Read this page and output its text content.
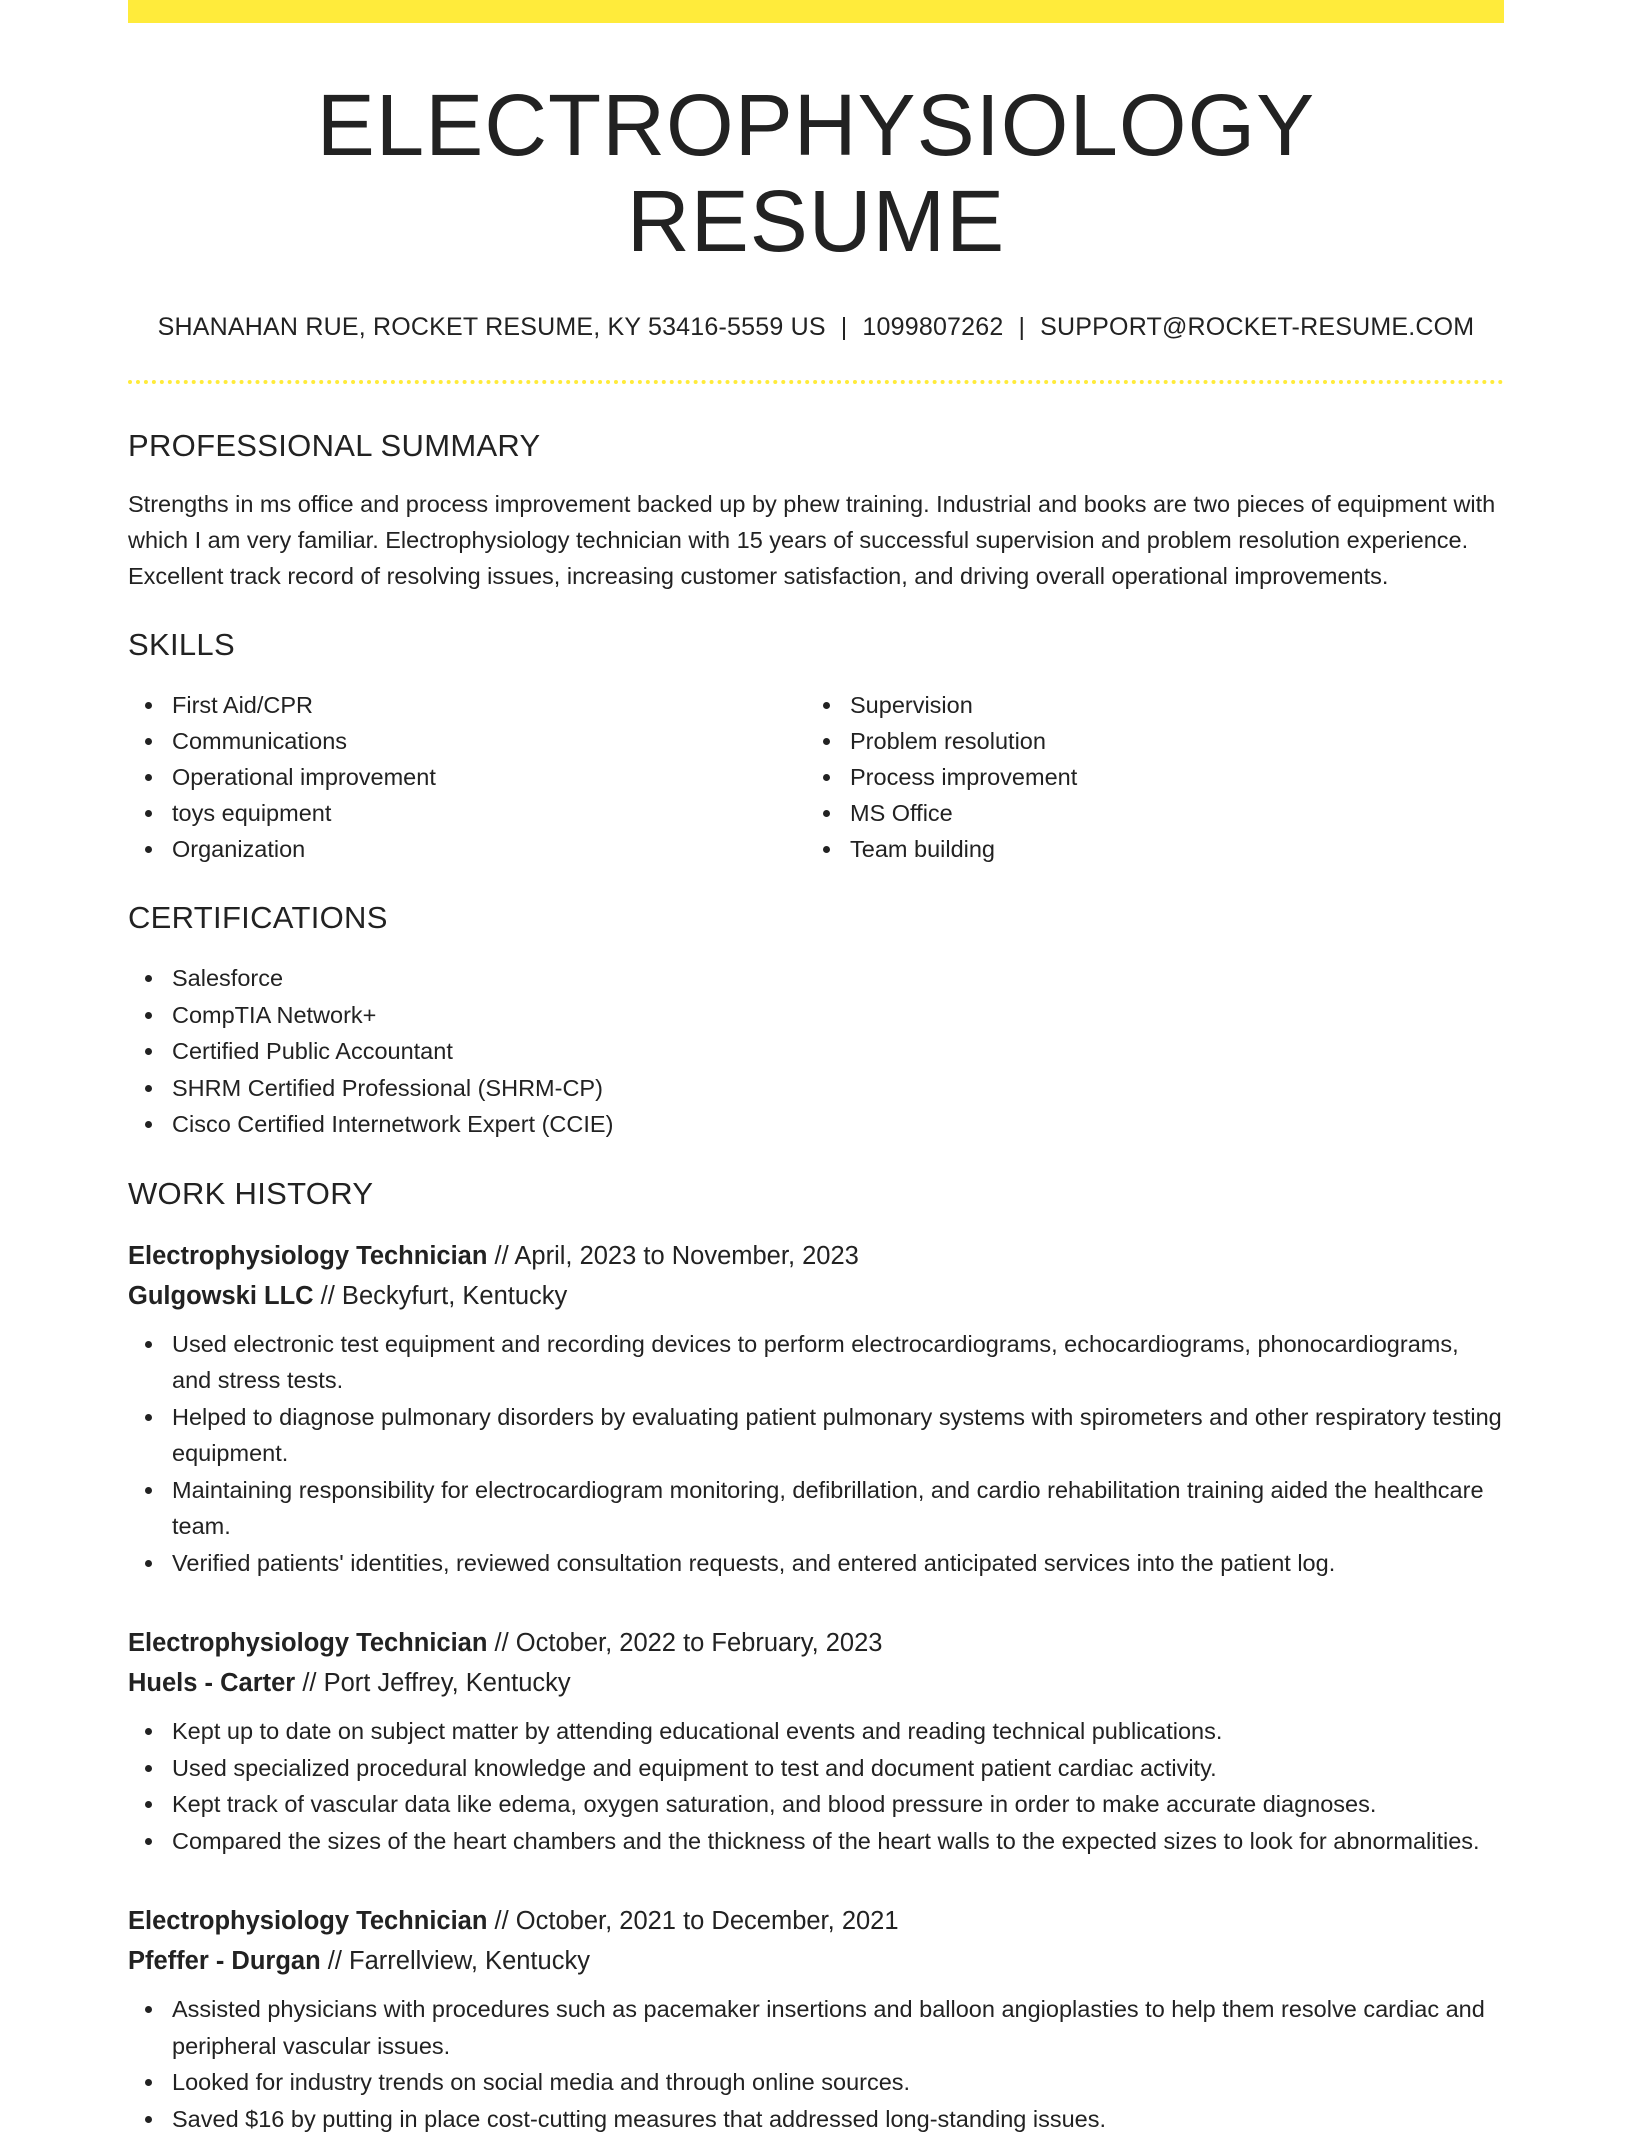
ELECTROPHYSIOLOGY RESUME
SHANAHAN RUE, ROCKET RESUME, KY 53416-5559 US | 1099807262 | SUPPORT@ROCKET-RESUME.COM
PROFESSIONAL SUMMARY

Strengths in ms office and process improvement backed up by phew training. Industrial and books are two pieces of equipment with which I am very familiar. Electrophysiology technician with 15 years of successful supervision and problem resolution experience. Excellent track record of resolving issues, increasing customer satisfaction, and driving overall operational improvements.

SKILLS
First Aid/CPR
Communications
Operational improvement
toys equipment
Organization
Supervision
Problem resolution
Process improvement
MS Office
Team building
CERTIFICATIONS
Salesforce
CompTIA Network+
Certified Public Accountant
SHRM Certified Professional (SHRM-CP)
Cisco Certified Internetwork Expert (CCIE)
WORK HISTORY
Electrophysiology Technician // April, 2023 to November, 2023
Gulgowski LLC // Beckyfurt, Kentucky
Used electronic test equipment and recording devices to perform electrocardiograms, echocardiograms, phonocardiograms, and stress tests.
Helped to diagnose pulmonary disorders by evaluating patient pulmonary systems with spirometers and other respiratory testing equipment.
Maintaining responsibility for electrocardiogram monitoring, defibrillation, and cardio rehabilitation training aided the healthcare team.
Verified patients' identities, reviewed consultation requests, and entered anticipated services into the patient log.
Electrophysiology Technician // October, 2022 to February, 2023
Huels - Carter // Port Jeffrey, Kentucky
Kept up to date on subject matter by attending educational events and reading technical publications.
Used specialized procedural knowledge and equipment to test and document patient cardiac activity.
Kept track of vascular data like edema, oxygen saturation, and blood pressure in order to make accurate diagnoses.
Compared the sizes of the heart chambers and the thickness of the heart walls to the expected sizes to look for abnormalities.
Electrophysiology Technician // October, 2021 to December, 2021
Pfeffer - Durgan // Farrellview, Kentucky
Assisted physicians with procedures such as pacemaker insertions and balloon angioplasties to help them resolve cardiac and peripheral vascular issues.
Looked for industry trends on social media and through online sources.
Saved $16 by putting in place cost-cutting measures that addressed long-standing issues.
